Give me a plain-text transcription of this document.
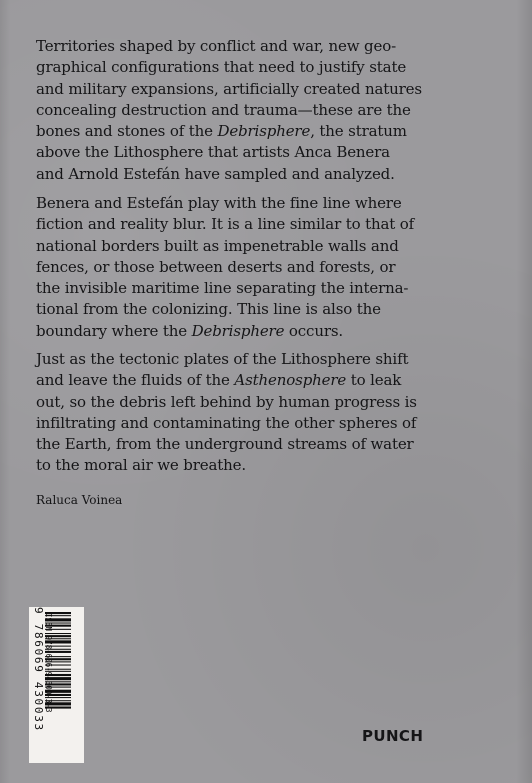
Territories shaped by conflict and war, new geo-
graphical configurations that need to justify state
and military expansions, artificially created natures
concealing destruction and trauma—these are the
bones and stones of the Debrisphere, the stratum
above the Lithosphere that artists Anca Benera
and Arnold Estefán have sampled and analyzed.
Benera and Estefán play with the fine line where
fiction and reality blur. It is a line similar to that of
national borders built as impenetrable walls and
fences, or those between deserts and forests, or
the invisible maritime line separating the interna-
tional from the colonizing. This line is also the
boundary where the Debrisphere occurs.
Just as the tectonic plates of the Lithosphere shift
and leave the fluids of the Asthenosphere to leak
out, so the debris left behind by human progress is
infiltrating and contaminating the other spheres of
the Earth, from the underground streams of water
to the moral air we breathe.
Raluca Voinea
9 786069 430033 ISBN 978-606-94300-3-3
PUNCH
